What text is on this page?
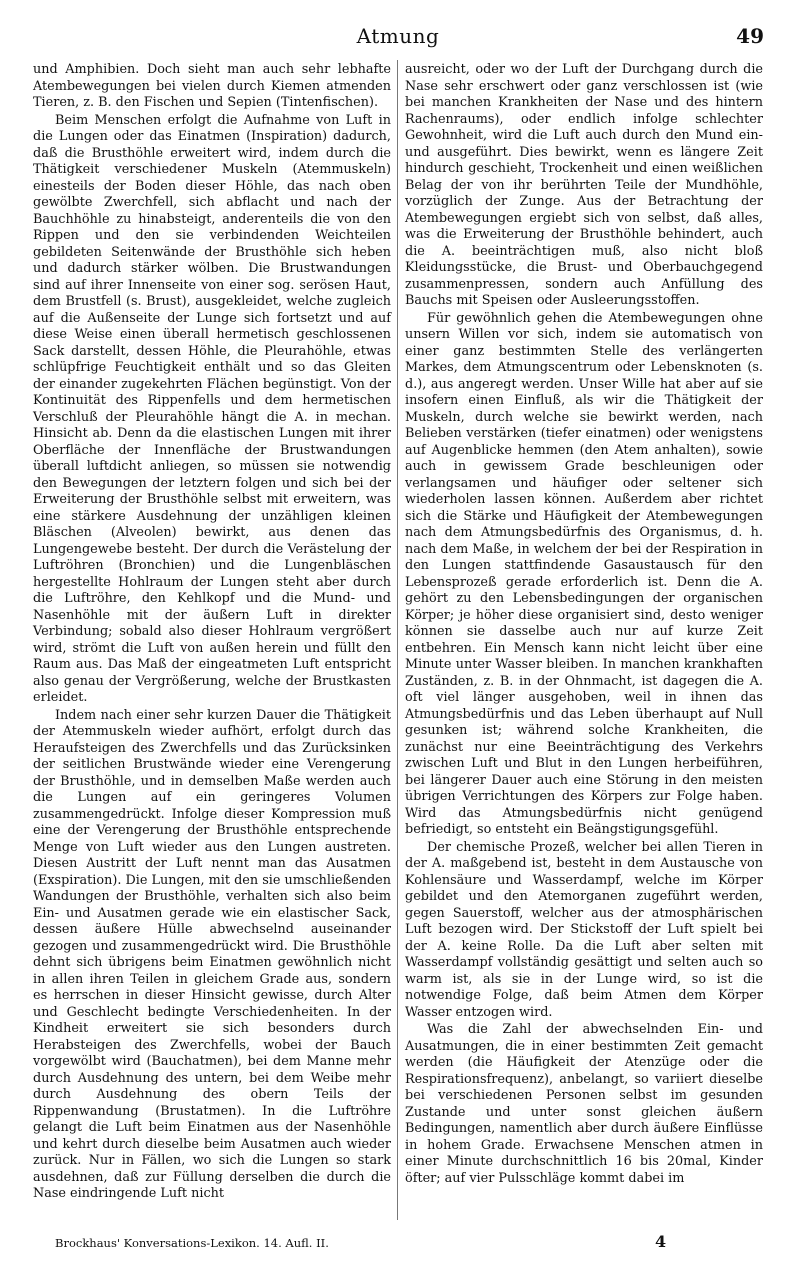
Atmung	49

und Amphibien. Doch sieht man auch sehr lebhafte Atembewegungen bei vielen durch Kiemen atmenden Tieren, z. B. den Fischen und Sepien (Tintenfischen).

Beim Menschen erfolgt die Aufnahme von Luft in die Lungen oder das Einatmen (Inspiration) dadurch, daß die Brusthöhle erweitert wird, indem durch die Thätigkeit verschiedener Muskeln (Atemmuskeln) einesteils der Boden dieser Höhle, das nach oben gewölbte Zwerchfell, sich abflacht und nach der Bauchhöhle zu hinabsteigt, anderenteils die von den Rippen und den sie verbindenden Weichteilen gebildeten Seitenwände der Brusthöhle sich heben und dadurch stärker wölben. Die Brustwandungen sind auf ihrer Innenseite von einer sog. serösen Haut, dem Brustfell (s. Brust), ausgekleidet, welche zugleich auf die Außenseite der Lunge sich fortsetzt und auf diese Weise einen überall hermetisch geschlossenen Sack darstellt, dessen Höhle, die Pleurahöhle, etwas schlüpfrige Feuchtigkeit enthält und so das Gleiten der einander zugekehrten Flächen begünstigt. Von der Kontinuität des Rippenfells und dem hermetischen Verschluß der Pleurahöhle hängt die A. in mechan. Hinsicht ab. Denn da die elastischen Lungen mit ihrer Oberfläche der Innenfläche der Brustwandungen überall luftdicht anliegen, so müssen sie notwendig den Bewegungen der letztern folgen und sich bei der Erweiterung der Brusthöhle selbst mit erweitern, was eine stärkere Ausdehnung der unzähligen kleinen Bläschen (Alveolen) bewirkt, aus denen das Lungengewebe besteht. Der durch die Verästelung der Luftröhren (Bronchien) und die Lungenbläschen hergestellte Hohlraum der Lungen steht aber durch die Luftröhre, den Kehlkopf und die Mund- und Nasenhöhle mit der äußern Luft in direkter Verbindung; sobald also dieser Hohlraum vergrößert wird, strömt die Luft von außen herein und füllt den Raum aus. Das Maß der eingeatmeten Luft entspricht also genau der Vergrößerung, welche der Brustkasten erleidet.

Indem nach einer sehr kurzen Dauer die Thätigkeit der Atemmuskeln wieder aufhört, erfolgt durch das Heraufsteigen des Zwerchfells und das Zurücksinken der seitlichen Brustwände wieder eine Verengerung der Brusthöhle, und in demselben Maße werden auch die Lungen auf ein geringeres Volumen zusammengedrückt. Infolge dieser Kompression muß eine der Verengerung der Brusthöhle entsprechende Menge von Luft wieder aus den Lungen austreten. Diesen Austritt der Luft nennt man das Ausatmen (Exspiration). Die Lungen, mit den sie umschließenden Wandungen der Brusthöhle, verhalten sich also beim Ein- und Ausatmen gerade wie ein elastischer Sack, dessen äußere Hülle abwechselnd auseinander gezogen und zusammengedrückt wird. Die Brusthöhle dehnt sich übrigens beim Einatmen gewöhnlich nicht in allen ihren Teilen in gleichem Grade aus, sondern es herrschen in dieser Hinsicht gewisse, durch Alter und Geschlecht bedingte Verschiedenheiten. In der Kindheit erweitert sie sich besonders durch Herabsteigen des Zwerchfells, wobei der Bauch vorgewölbt wird (Bauchatmen), bei dem Manne mehr durch Ausdehnung des untern, bei dem Weibe mehr durch Ausdehnung des obern Teils der Rippenwandung (Brustatmen). In die Luftröhre gelangt die Luft beim Einatmen aus der Nasenhöhle und kehrt durch dieselbe beim Ausatmen auch wieder zurück. Nur in Fällen, wo sich die Lungen so stark ausdehnen, daß zur Füllung derselben die durch die Nase eindringende Luft nicht

ausreicht, oder wo der Luft der Durchgang durch die Nase sehr erschwert oder ganz verschlossen ist (wie bei manchen Krankheiten der Nase und des hintern Rachenraums), oder endlich infolge schlechter Gewohnheit, wird die Luft auch durch den Mund ein- und ausgeführt. Dies bewirkt, wenn es längere Zeit hindurch geschieht, Trockenheit und einen weißlichen Belag der von ihr berührten Teile der Mundhöhle, vorzüglich der Zunge. Aus der Betrachtung der Atembewegungen ergiebt sich von selbst, daß alles, was die Erweiterung der Brusthöhle behindert, auch die A. beeinträchtigen muß, also nicht bloß Kleidungsstücke, die Brust- und Oberbauchgegend zusammenpressen, sondern auch Anfüllung des Bauchs mit Speisen oder Ausleerungsstoffen.

Für gewöhnlich gehen die Atembewegungen ohne unsern Willen vor sich, indem sie automatisch von einer ganz bestimmten Stelle des verlängerten Markes, dem Atmungscentrum oder Lebensknoten (s. d.), aus angeregt werden. Unser Wille hat aber auf sie insofern einen Einfluß, als wir die Thätigkeit der Muskeln, durch welche sie bewirkt werden, nach Belieben verstärken (tiefer einatmen) oder wenigstens auf Augenblicke hemmen (den Atem anhalten), sowie auch in gewissem Grade beschleunigen oder verlangsamen und häufiger oder seltener sich wiederholen lassen können. Außerdem aber richtet sich die Stärke und Häufigkeit der Atembewegungen nach dem Atmungsbedürfnis des Organismus, d. h. nach dem Maße, in welchem der bei der Respiration in den Lungen stattfindende Gasaustausch für den Lebensprozeß gerade erforderlich ist. Denn die A. gehört zu den Lebensbedingungen der organischen Körper; je höher diese organisiert sind, desto weniger können sie dasselbe auch nur auf kurze Zeit entbehren. Ein Mensch kann nicht leicht über eine Minute unter Wasser bleiben. In manchen krankhaften Zuständen, z. B. in der Ohnmacht, ist dagegen die A. oft viel länger ausgehoben, weil in ihnen das Atmungsbedürfnis und das Leben überhaupt auf Null gesunken ist; während solche Krankheiten, die zunächst nur eine Beeinträchtigung des Verkehrs zwischen Luft und Blut in den Lungen herbeiführen, bei längerer Dauer auch eine Störung in den meisten übrigen Verrichtungen des Körpers zur Folge haben. Wird das Atmungsbedürfnis nicht genügend befriedigt, so entsteht ein Beängstigungsgefühl.

Der chemische Prozeß, welcher bei allen Tieren in der A. maßgebend ist, besteht in dem Austausche von Kohlensäure und Wasserdampf, welche im Körper gebildet und den Atemorganen zugeführt werden, gegen Sauerstoff, welcher aus der atmosphärischen Luft bezogen wird. Der Stickstoff der Luft spielt bei der A. keine Rolle. Da die Luft aber selten mit Wasserdampf vollständig gesättigt und selten auch so warm ist, als sie in der Lunge wird, so ist die notwendige Folge, daß beim Atmen dem Körper Wasser entzogen wird.

Was die Zahl der abwechselnden Ein- und Ausatmungen, die in einer bestimmten Zeit gemacht werden (die Häufigkeit der Atenzüge oder die Respirationsfrequenz), anbelangt, so variiert dieselbe bei verschiedenen Personen selbst im gesunden Zustande und unter sonst gleichen äußern Bedingungen, namentlich aber durch äußere Einflüsse in hohem Grade. Erwachsene Menschen atmen in einer Minute durchschnittlich 16 bis 20mal, Kinder öfter; auf vier Pulsschläge kommt dabei im

Brockhaus' Konversations-Lexikon. 14. Aufl. II.	4
